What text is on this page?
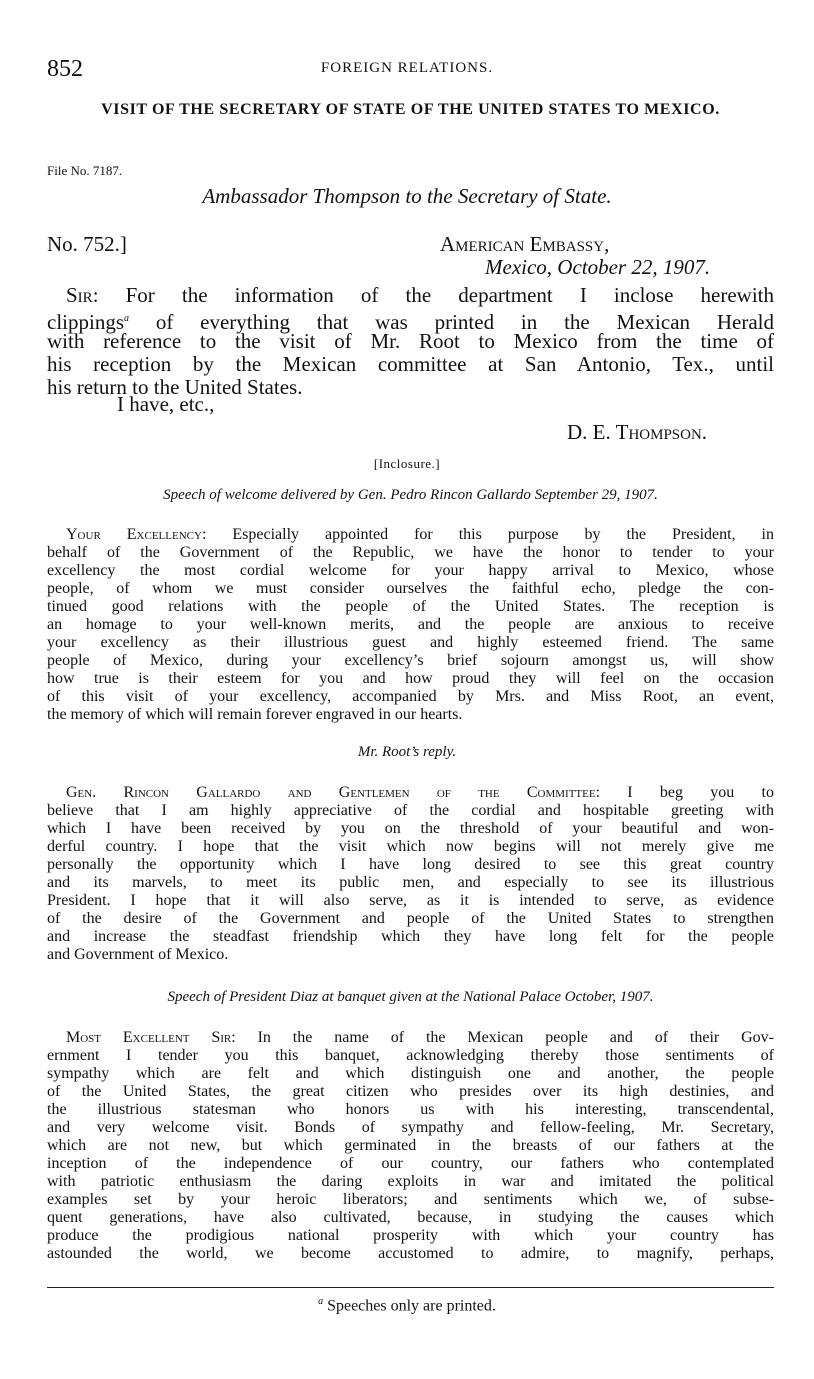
852	FOREIGN RELATIONS.
VISIT OF THE SECRETARY OF STATE OF THE UNITED STATES TO MEXICO.
File No. 7187.
Ambassador Thompson to the Secretary of State.
No. 752.]	American Embassy,
Mexico, October 22, 1907.
Sir: For the information of the department I inclose herewith
clippings$^a$ of everything that was printed in the Mexican Herald
with reference to the visit of Mr. Root to Mexico from the time of
his reception by the Mexican committee at San Antonio, Tex., until
his return to the United States.
I have, etc.,
D. E. Thompson.
[Inclosure.]
Speech of welcome delivered by Gen. Pedro Rincon Gallardo September 29, 1907.
Your Excellency: Especially appointed for this purpose by the President, in
behalf of the Government of the Republic, we have the honor to tender to your
excellency the most cordial welcome for your happy arrival to Mexico, whose
people, of whom we must consider ourselves the faithful echo, pledge the con-
tinued good relations with the people of the United States. The reception is
an homage to your well-known merits, and the people are anxious to receive
your excellency as their illustrious guest and highly esteemed friend. The same
people of Mexico, during your excellency’s brief sojourn amongst us, will show
how true is their esteem for you and how proud they will feel on the occasion
of this visit of your excellency, accompanied by Mrs. and Miss Root, an event,
the memory of which will remain forever engraved in our hearts.
Mr. Root’s reply.
Gen. Rincon Gallardo and Gentlemen of the Committee: I beg you to
believe that I am highly appreciative of the cordial and hospitable greeting with
which I have been received by you on the threshold of your beautiful and won-
derful country. I hope that the visit which now begins will not merely give me
personally the opportunity which I have long desired to see this great country
and its marvels, to meet its public men, and especially to see its illustrious
President. I hope that it will also serve, as it is intended to serve, as evidence
of the desire of the Government and people of the United States to strengthen
and increase the steadfast friendship which they have long felt for the people
and Government of Mexico.
Speech of President Diaz at banquet given at the National Palace October, 1907.
Most Excellent Sir: In the name of the Mexican people and of their Gov-
ernment I tender you this banquet, acknowledging thereby those sentiments of
sympathy which are felt and which distinguish one and another, the people
of the United States, the great citizen who presides over its high destinies, and
the illustrious statesman who honors us with his interesting, transcendental,
and very welcome visit. Bonds of sympathy and fellow-feeling, Mr. Secretary,
which are not new, but which germinated in the breasts of our fathers at the
inception of the independence of our country, our fathers who contemplated
with patriotic enthusiasm the daring exploits in war and imitated the political
examples set by your heroic liberators; and sentiments which we, of subse-
quent generations, have also cultivated, because, in studying the causes which
produce the prodigious national prosperity with which your country has
astounded the world, we become accustomed to admire, to magnify, perhaps,
$^a$ Speeches only are printed.
